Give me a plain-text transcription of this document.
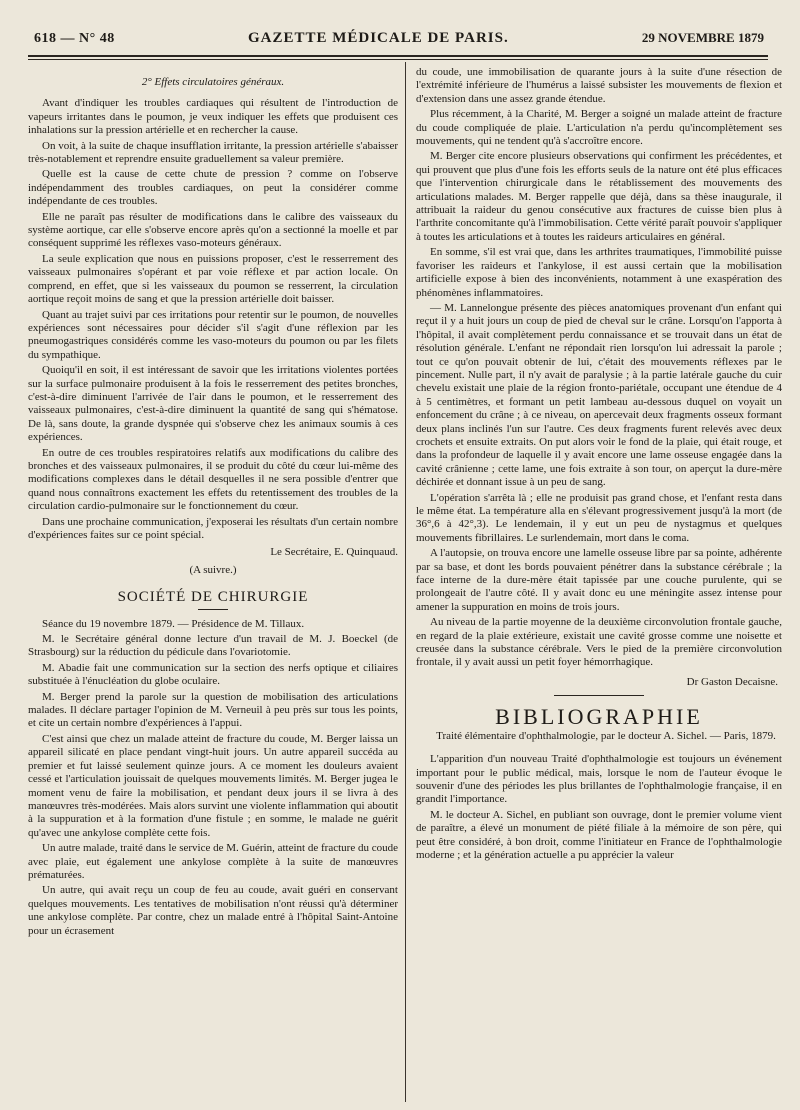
618 — N° 48	GAZETTE MÉDICALE DE PARIS.	29 NOVEMBRE 1879

2° Effets circulatoires généraux.

Avant d'indiquer les troubles cardiaques qui résultent de l'introduction de vapeurs irritantes dans le poumon, je veux indiquer les effets que produisent ces inhalations sur la pression artérielle et en rechercher la cause.

On voit, à la suite de chaque insufflation irritante, la pression artérielle s'abaisser très-notablement et reprendre ensuite graduellement sa valeur première.

Quelle est la cause de cette chute de pression ? comme on l'observe indépendamment des troubles cardiaques, on peut la considérer comme indépendante de ces troubles.

Elle ne paraît pas résulter de modifications dans le calibre des vaisseaux du système aortique, car elle s'observe encore après qu'on a sectionné la moelle et par conséquent supprimé les réflexes vaso-moteurs généraux.

La seule explication que nous en puissions proposer, c'est le resserrement des vaisseaux pulmonaires s'opérant et par voie réflexe et par action locale. On comprend, en effet, que si les vaisseaux du poumon se resserrent, la circulation aortique reçoit moins de sang et que la pression artérielle doit baisser.

Quant au trajet suivi par ces irritations pour retentir sur le poumon, de nouvelles expériences sont nécessaires pour décider s'il s'agit d'une réflexion par les pneumogastriques considérés comme les vaso-moteurs du poumon ou par les filets du sympathique.

Quoiqu'il en soit, il est intéressant de savoir que les irritations violentes portées sur la surface pulmonaire produisent à la fois le resserrement des petites bronches, c'est-à-dire diminuent l'arrivée de l'air dans le poumon, et le resserrement des vaisseaux pulmonaires, c'est-à-dire diminuent la quantité de sang qui s'hématose. De là, sans doute, la grande dyspnée qui s'observe chez les animaux soumis à ces expériences.

En outre de ces troubles respiratoires relatifs aux modifications du calibre des bronches et des vaisseaux pulmonaires, il se produit du côté du cœur lui-même des modifications complexes dans le détail desquelles il ne sera possible d'entrer que quand nous connaîtrons exactement les effets du retentissement des troubles de la circulation cardio-pulmonaire sur le fonctionnement du cœur.

Dans une prochaine communication, j'exposerai les résultats d'un certain nombre d'expériences faites sur ce point spécial.

Le Secrétaire, E. Quinquaud.

(A suivre.)

SOCIÉTÉ DE CHIRURGIE

Séance du 19 novembre 1879. — Présidence de M. Tillaux.

M. le Secrétaire général donne lecture d'un travail de M. J. Boeckel (de Strasbourg) sur la réduction du pédicule dans l'ovariotomie.

M. Abadie fait une communication sur la section des nerfs optique et ciliaires substituée à l'énucléation du globe oculaire.

M. Berger prend la parole sur la question de mobilisation des articulations malades. Il déclare partager l'opinion de M. Verneuil à peu près sur tous les points, et cite un certain nombre d'expériences à l'appui.

C'est ainsi que chez un malade atteint de fracture du coude, M. Berger laissa un appareil silicaté en place pendant vingt-huit jours. Un autre appareil succéda au premier et fut laissé seulement quinze jours. A ce moment les douleurs avaient cessé et l'articulation jouissait de quelques mouvements limités. M. Berger jugea le moment venu de faire la mobilisation, et pendant deux jours il se livra à des manœuvres très-modérées. Mais alors survint une violente inflammation qui aboutit à la suppuration et à la formation d'une fistule ; en somme, le malade ne guérit qu'avec une ankylose complète cette fois.

Un autre malade, traité dans le service de M. Guérin, atteint de fracture du coude avec plaie, eut également une ankylose complète à la suite de manœuvres prématurées.

Un autre, qui avait reçu un coup de feu au coude, avait guéri en conservant quelques mouvements. Les tentatives de mobilisation n'ont réussi qu'à déterminer une ankylose complète. Par contre, chez un malade entré à l'hôpital Saint-Antoine pour un écrasement

du coude, une immobilisation de quarante jours à la suite d'une résection de l'extrémité inférieure de l'humérus a laissé subsister les mouvements de flexion et d'extension dans une assez grande étendue.

Plus récemment, à la Charité, M. Berger a soigné un malade atteint de fracture du coude compliquée de plaie. L'articulation n'a perdu qu'incomplètement ses mouvements, qui ne tendent qu'à s'accroître encore.

M. Berger cite encore plusieurs observations qui confirment les précédentes, et qui prouvent que plus d'une fois les efforts seuls de la nature ont été plus efficaces que l'intervention chirurgicale dans le rétablissement des mouvements des articulations malades. M. Berger rappelle que déjà, dans sa thèse inaugurale, il attribuait la raideur du genou consécutive aux fractures de cuisse bien plus à l'arthrite concomitante qu'à l'immobilisation. Cette vérité paraît pouvoir s'appliquer à toutes les articulations et à toutes les raideurs articulaires en général.

En somme, s'il est vrai que, dans les arthrites traumatiques, l'immobilité puisse favoriser les raideurs et l'ankylose, il est aussi certain que la mobilisation artificielle expose à bien des inconvénients, notamment à une exaspération des phénomènes inflammatoires.

— M. Lannelongue présente des pièces anatomiques provenant d'un enfant qui reçut il y a huit jours un coup de pied de cheval sur le crâne. Lorsqu'on l'apporta à l'hôpital, il avait complètement perdu connaissance et se trouvait dans un état de résolution générale. L'enfant ne répondait rien lorsqu'on lui adressait la parole ; tout ce qu'on pouvait obtenir de lui, c'était des mouvements réflexes par le pincement. Nulle part, il n'y avait de paralysie ; à la partie latérale gauche du cuir chevelu existait une plaie de la région fronto-pariétale, occupant une étendue de 4 à 5 centimètres, et formant un petit lambeau au-dessous duquel on voyait un enfoncement du crâne ; à ce niveau, on apercevait deux fragments osseux formant deux plans inclinés l'un sur l'autre. Ces deux fragments furent relevés avec deux crochets et ensuite extraits. On put alors voir le fond de la plaie, qui était rouge, et dans la profondeur de laquelle il y avait encore une lame osseuse engagée dans la cavité crânienne ; cette lame, une fois extraite à son tour, on aperçut la dure-mère déchirée et donnant issue à un peu de sang.

L'opération s'arrêta là ; elle ne produisit pas grand chose, et l'enfant resta dans le même état. La température alla en s'élevant progressivement jusqu'à la mort (de 36°,6 à 42°,3). Le lendemain, il y eut un peu de nystagmus et quelques mouvements fibrillaires. Le surlendemain, mort dans le coma.

A l'autopsie, on trouva encore une lamelle osseuse libre par sa pointe, adhérente par sa base, et dont les bords pouvaient pénétrer dans la substance cérébrale ; la face interne de la dure-mère était tapissée par une couche purulente, qui se prolongeait de l'autre côté. Il y avait donc eu une méningite assez intense pour amener la suppuration en moins de trois jours.

Au niveau de la partie moyenne de la deuxième circonvolution frontale gauche, en regard de la plaie extérieure, existait une cavité grosse comme une noisette et creusée dans la substance cérébrale. Vers le pied de la première circonvolution frontale, il y avait aussi un petit foyer hémorrhagique.

Dr Gaston Decaisne.

BIBLIOGRAPHIE

Traité élémentaire d'ophthalmologie, par le docteur A. Sichel. — Paris, 1879.

L'apparition d'un nouveau Traité d'ophthalmologie est toujours un événement important pour le public médical, mais, lorsque le nom de l'auteur évoque le souvenir d'une des périodes les plus brillantes de l'ophthalmologie française, il en grandit l'importance.

M. le docteur A. Sichel, en publiant son ouvrage, dont le premier volume vient de paraître, a élevé un monument de piété filiale à la mémoire de son père, qui peut être considéré, à bon droit, comme l'initiateur en France de l'ophthalmologie moderne ; et la génération actuelle a pu apprécier la valeur
